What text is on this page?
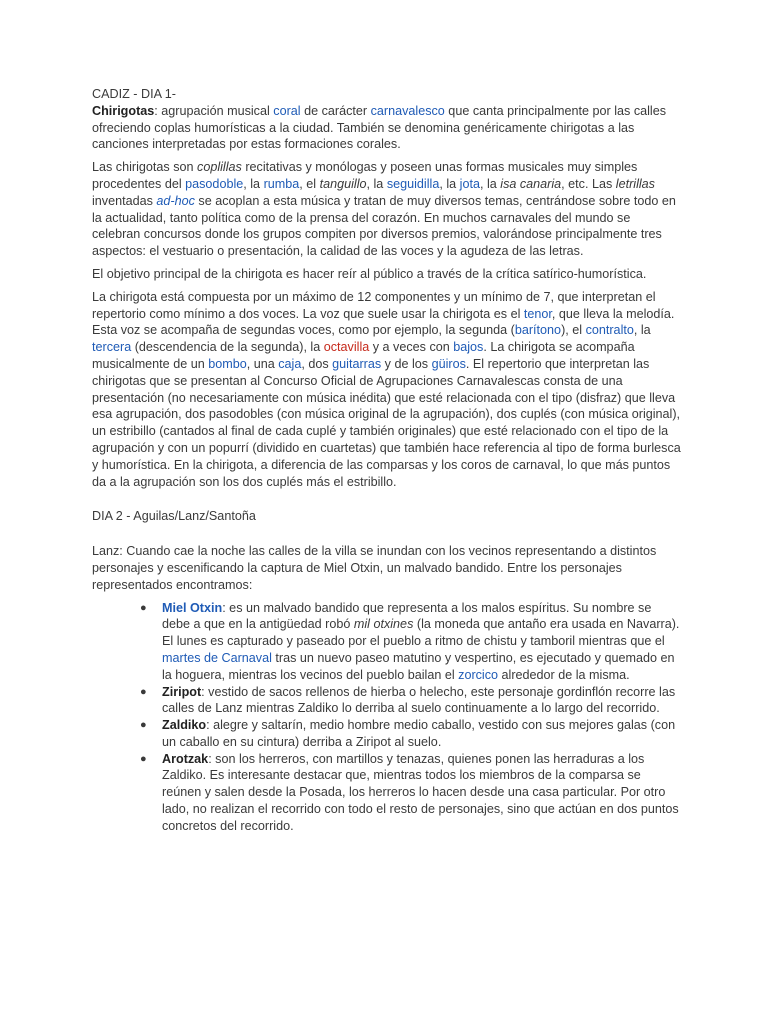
CADIZ - DIA 1-

Chirigotas: agrupación musical coral de carácter carnavalesco que canta principalmente por las calles ofreciendo coplas humorísticas a la ciudad. También se denomina genéricamente chirigotas a las canciones interpretadas por estas formaciones corales.

Las chirigotas son coplillas recitativas y monólogas y poseen unas formas musicales muy simples procedentes del pasodoble, la rumba, el tanguillo, la seguidilla, la jota, la isa canaria, etc. Las letrillas inventadas ad-hoc se acoplan a esta música y tratan de muy diversos temas, centrándose sobre todo en la actualidad, tanto política como de la prensa del corazón. En muchos carnavales del mundo se celebran concursos donde los grupos compiten por diversos premios, valorándose principalmente tres aspectos: el vestuario o presentación, la calidad de las voces y la agudeza de las letras.

El objetivo principal de la chirigota es hacer reír al público a través de la crítica satírico-humorística.

La chirigota está compuesta por un máximo de 12 componentes y un mínimo de 7, que interpretan el repertorio como mínimo a dos voces. La voz que suele usar la chirigota es el tenor, que lleva la melodía. Esta voz se acompaña de segundas voces, como por ejemplo, la segunda (barítono), el contralto, la tercera (descendencia de la segunda), la octavilla y a veces con bajos. La chirigota se acompaña musicalmente de un bombo, una caja, dos guitarras y de los güiros. El repertorio que interpretan las chirigotas que se presentan al Concurso Oficial de Agrupaciones Carnavalescas consta de una presentación (no necesariamente con música inédita) que esté relacionada con el tipo (disfraz) que lleva esa agrupación, dos pasodobles (con música original de la agrupación), dos cuplés (con música original), un estribillo (cantados al final de cada cuplé y también originales) que esté relacionado con el tipo de la agrupación y con un popurrí (dividido en cuartetas) que también hace referencia al tipo de forma burlesca y humorística. En la chirigota, a diferencia de las comparsas y los coros de carnaval, lo que más puntos da a la agrupación son los dos cuplés más el estribillo.

DIA 2 - Aguilas/Lanz/Santoña

Lanz: Cuando cae la noche las calles de la villa se inundan con los vecinos representando a distintos personajes y escenificando la captura de Miel Otxin, un malvado bandido. Entre los personajes representados encontramos:

● Miel Otxin: es un malvado bandido que representa a los malos espíritus. Su nombre se debe a que en la antigüedad robó mil otxines (la moneda que antaño era usada en Navarra). El lunes es capturado y paseado por el pueblo a ritmo de chistu y tamboril mientras que el martes de Carnaval tras un nuevo paseo matutino y vespertino, es ejecutado y quemado en la hoguera, mientras los vecinos del pueblo bailan el zorcico alrededor de la misma.
● Ziripot: vestido de sacos rellenos de hierba o helecho, este personaje gordinflón recorre las calles de Lanz mientras Zaldiko lo derriba al suelo continuamente a lo largo del recorrido.
● Zaldiko: alegre y saltarín, medio hombre medio caballo, vestido con sus mejores galas (con un caballo en su cintura) derriba a Ziripot al suelo.
● Arotzak: son los herreros, con martillos y tenazas, quienes ponen las herraduras a los Zaldiko. Es interesante destacar que, mientras todos los miembros de la comparsa se reúnen y salen desde la Posada, los herreros lo hacen desde una casa particular. Por otro lado, no realizan el recorrido con todo el resto de personajes, sino que actúan en dos puntos concretos del recorrido.
